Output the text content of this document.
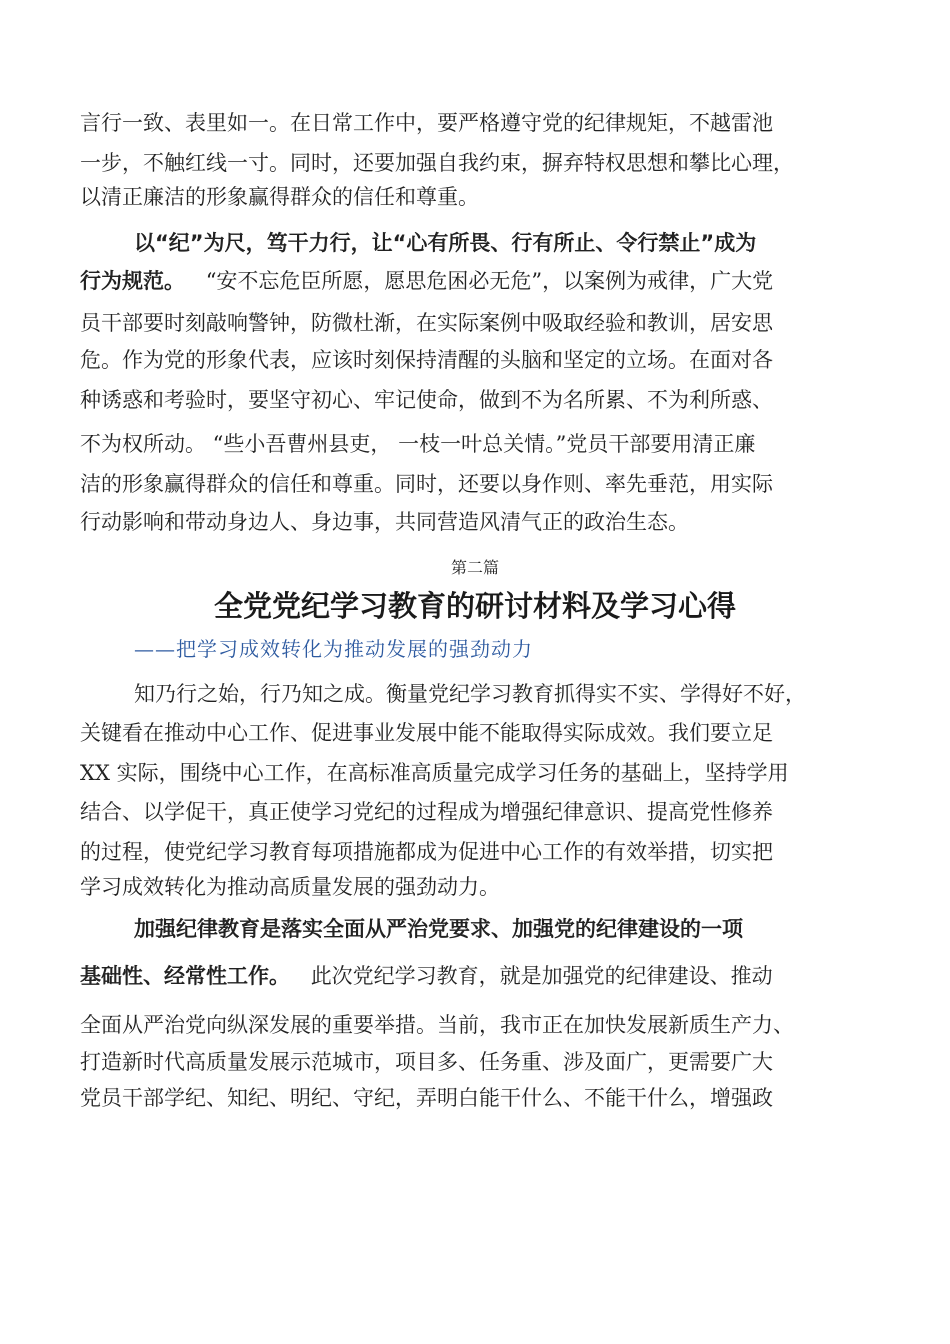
言行一致、表里如一。在日常工作中，要严格遵守党的纪律规矩，不越雷池
一步，不触红线一寸。同时，还要加强自我约束，摒弃特权思想和攀比心理，
以清正廉洁的形象赢得群众的信任和尊重。
以“纪”为尺，笃干力行，让“心有所畏、行有所止、令行禁止”成为
行为规范。 “安不忘危臣所愿，愿思危困必无危”，以案例为戒律，广大党
员干部要时刻敲响警钟，防微杜渐，在实际案例中吸取经验和教训，居安思
危。作为党的形象代表，应该时刻保持清醒的头脑和坚定的立场。在面对各
种诱惑和考验时，要坚守初心、牢记使命，做到不为名所累、不为利所惑、
不为权所动。 “些小吾曹州县吏， 一枝一叶总关情。”党员干部要用清正廉
洁的形象赢得群众的信任和尊重。同时，还要以身作则、率先垂范，用实际
行动影响和带动身边人、身边事，共同营造风清气正的政治生态。
第二篇
全党党纪学习教育的研讨材料及学习心得
——把学习成效转化为推动发展的强劲动力
知乃行之始，行乃知之成。衡量党纪学习教育抓得实不实、学得好不好，
关键看在推动中心工作、促进事业发展中能不能取得实际成效。我们要立足
XX 实际，围绕中心工作，在高标准高质量完成学习任务的基础上，坚持学用
结合、以学促干，真正使学习党纪的过程成为增强纪律意识、提高党性修养
的过程，使党纪学习教育每项措施都成为促进中心工作的有效举措，切实把
学习成效转化为推动高质量发展的强劲动力。
加强纪律教育是落实全面从严治党要求、加强党的纪律建设的一项
基础性、经常性工作。 此次党纪学习教育，就是加强党的纪律建设、推动
全面从严治党向纵深发展的重要举措。当前，我市正在加快发展新质生产力、
打造新时代高质量发展示范城市，项目多、任务重、涉及面广，更需要广大
党员干部学纪、知纪、明纪、守纪，弄明白能干什么、不能干什么，增强政
